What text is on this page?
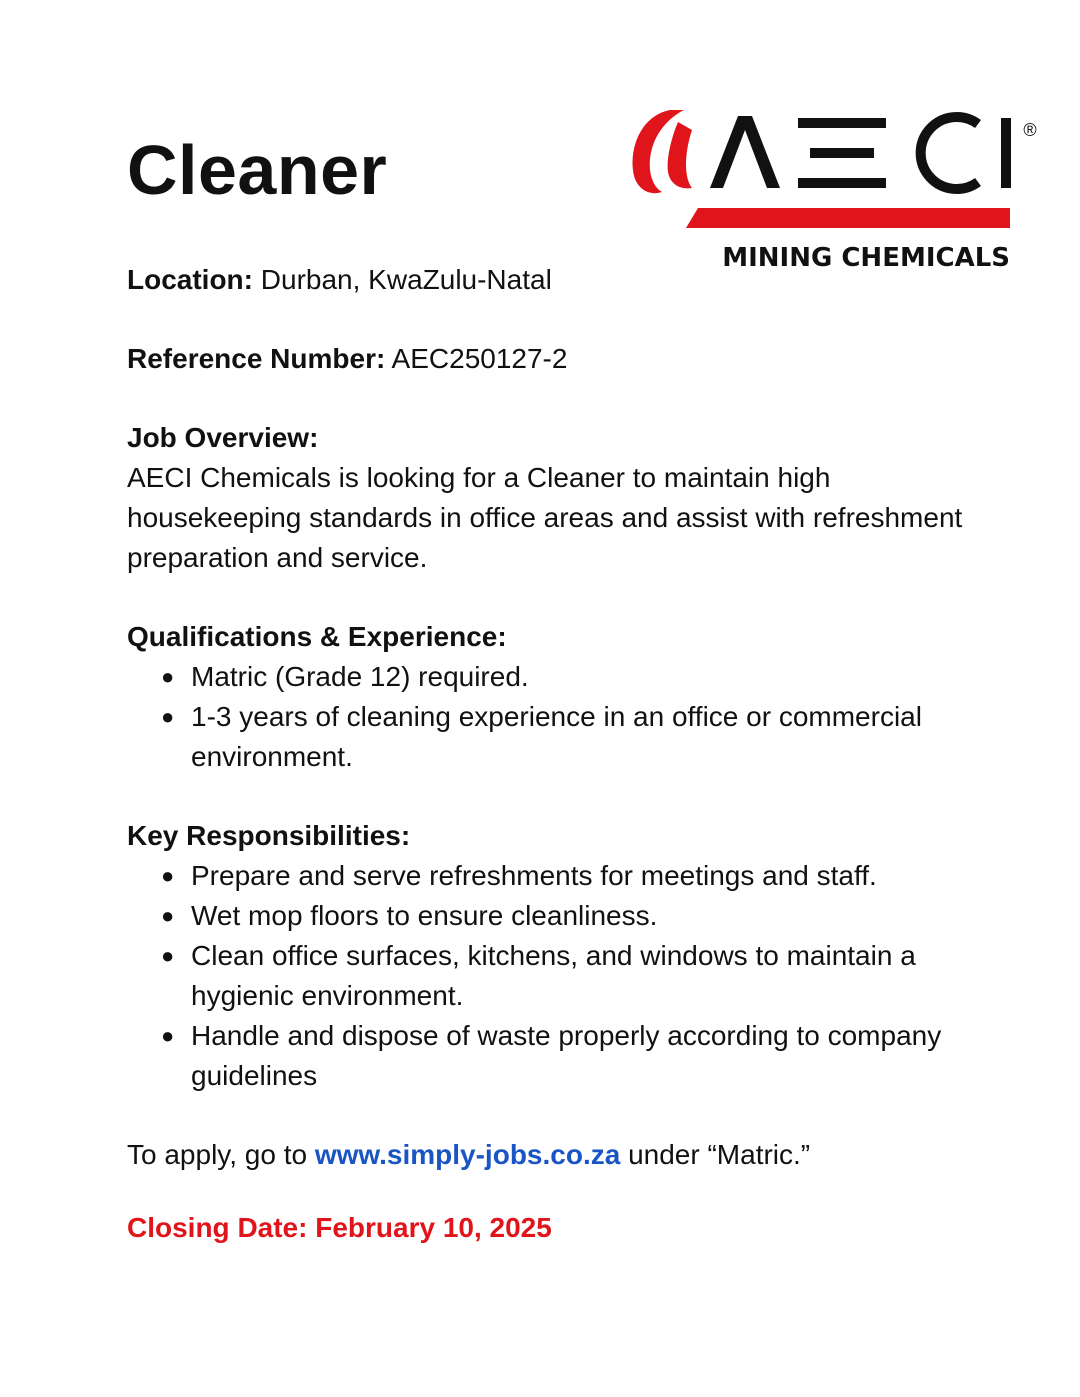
Cleaner
®
MINING CHEMICALS

Location: Durban, KwaZulu-Natal

Reference Number: AEC250127-2

Job Overview:

AECI Chemicals is looking for a Cleaner to maintain high housekeeping standards in office areas and assist with refreshment preparation and service.

Qualifications & Experience:

● Matric (Grade 12) required.
● 1-3 years of cleaning experience in an office or commercial environment.

Key Responsibilities:

● Prepare and serve refreshments for meetings and staff.
● Wet mop floors to ensure cleanliness.
● Clean office surfaces, kitchens, and windows to maintain a hygienic environment.
● Handle and dispose of waste properly according to company guidelines

To apply, go to www.simply-jobs.co.za under “Matric.”

Closing Date: February 10, 2025
